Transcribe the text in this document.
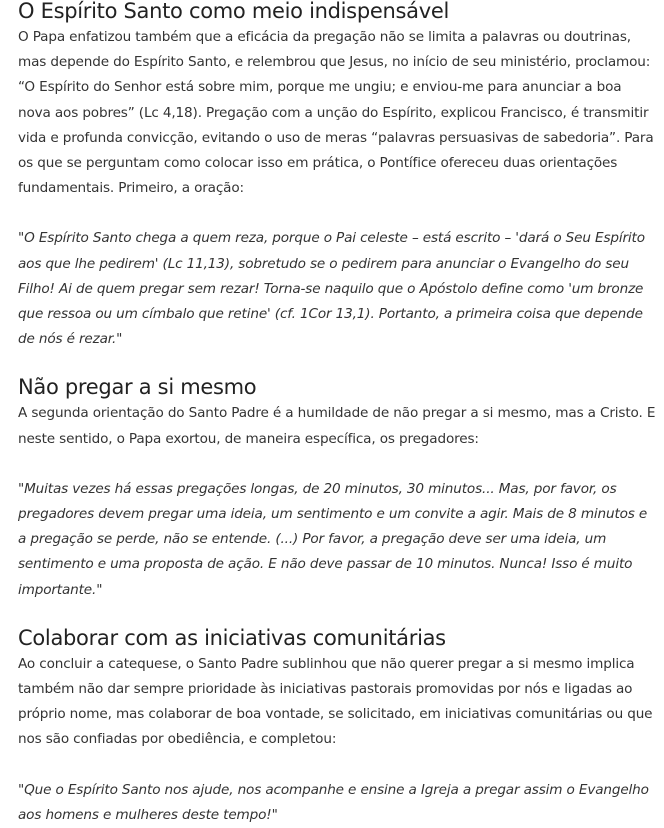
O Espírito Santo como meio indispensável

O Papa enfatizou também que a eficácia da pregação não se limita a palavras ou doutrinas, mas depende do Espírito Santo, e relembrou que Jesus, no início de seu ministério, proclamou: “O Espírito do Senhor está sobre mim, porque me ungiu; e enviou-me para anunciar a boa nova aos pobres” (Lc 4,18). Pregação com a unção do Espírito, explicou Francisco, é transmitir vida e profunda convicção, evitando o uso de meras “palavras persuasivas de sabedoria”. Para os que se perguntam como colocar isso em prática, o Pontífice ofereceu duas orientações fundamentais. Primeiro, a oração:

"O Espírito Santo chega a quem reza, porque o Pai celeste – está escrito – 'dará o Seu Espírito aos que lhe pedirem' (Lc 11,13), sobretudo se o pedirem para anunciar o Evangelho do seu Filho! Ai de quem pregar sem rezar! Torna-se naquilo que o Apóstolo define como 'um bronze que ressoa ou um címbalo que retine' (cf. 1Cor 13,1). Portanto, a primeira coisa que depende de nós é rezar."

Não pregar a si mesmo

A segunda orientação do Santo Padre é a humildade de não pregar a si mesmo, mas a Cristo. E neste sentido, o Papa exortou, de maneira específica, os pregadores:

"Muitas vezes há essas pregações longas, de 20 minutos, 30 minutos... Mas, por favor, os pregadores devem pregar uma ideia, um sentimento e um convite a agir. Mais de 8 minutos e a pregação se perde, não se entende. (...) Por favor, a pregação deve ser uma ideia, um sentimento e uma proposta de ação. E não deve passar de 10 minutos. Nunca! Isso é muito importante."

Colaborar com as iniciativas comunitárias

Ao concluir a catequese, o Santo Padre sublinhou que não querer pregar a si mesmo implica também não dar sempre prioridade às iniciativas pastorais promovidas por nós e ligadas ao próprio nome, mas colaborar de boa vontade, se solicitado, em iniciativas comunitárias ou que nos são confiadas por obediência, e completou:

"Que o Espírito Santo nos ajude, nos acompanhe e ensine a Igreja a pregar assim o Evangelho aos homens e mulheres deste tempo!"
